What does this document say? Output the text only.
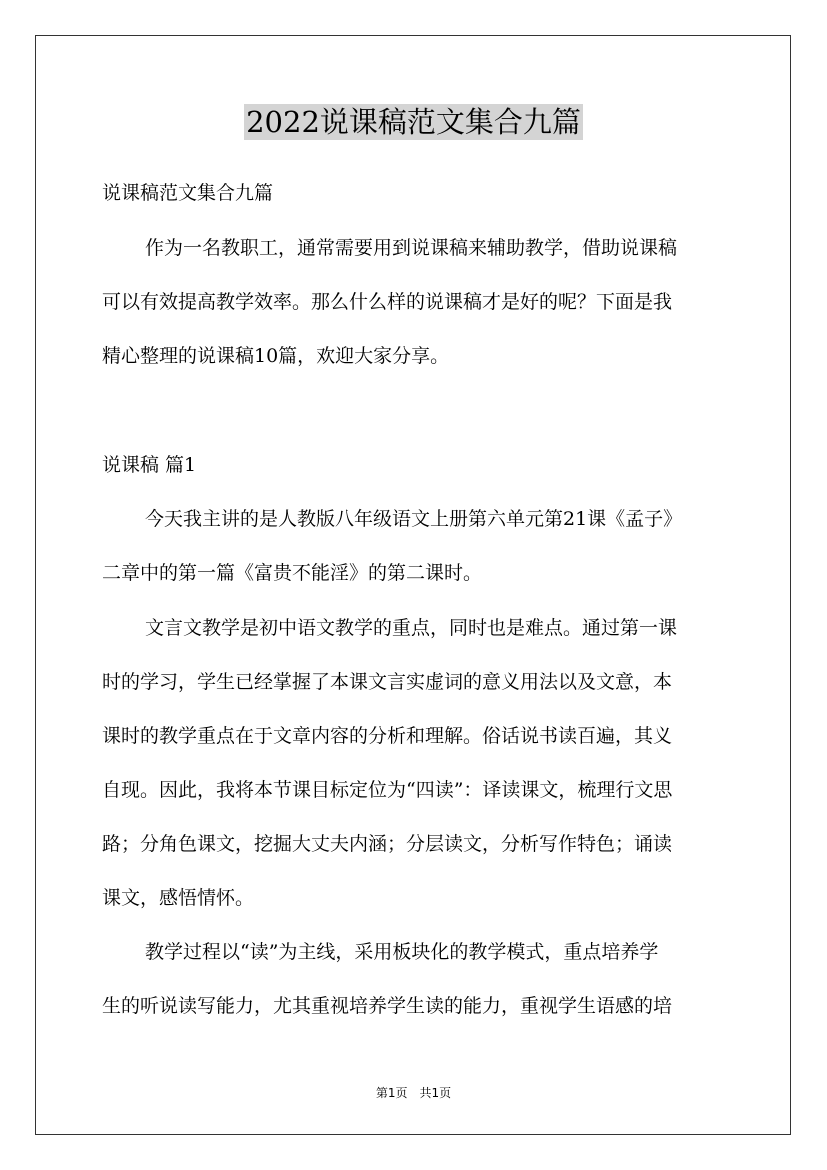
2022说课稿范文集合九篇
说课稿范文集合九篇
作为一名教职工，通常需要用到说课稿来辅助教学，借助说课稿
可以有效提高教学效率。那么什么样的说课稿才是好的呢？下面是我
精心整理的说课稿10篇，欢迎大家分享。
说课稿 篇1
今天我主讲的是人教版八年级语文上册第六单元第21课《孟子》
二章中的第一篇《富贵不能淫》的第二课时。
文言文教学是初中语文教学的重点，同时也是难点。通过第一课
时的学习，学生已经掌握了本课文言实虚词的意义用法以及文意，本
课时的教学重点在于文章内容的分析和理解。俗话说书读百遍，其义
自现。因此，我将本节课目标定位为“四读”：译读课文，梳理行文思
路；分角色课文，挖掘大丈夫内涵；分层读文，分析写作特色；诵读
课文，感悟情怀。
教学过程以“读”为主线，采用板块化的教学模式，重点培养学
生的听说读写能力，尤其重视培养学生读的能力，重视学生语感的培
第1页　共1页
